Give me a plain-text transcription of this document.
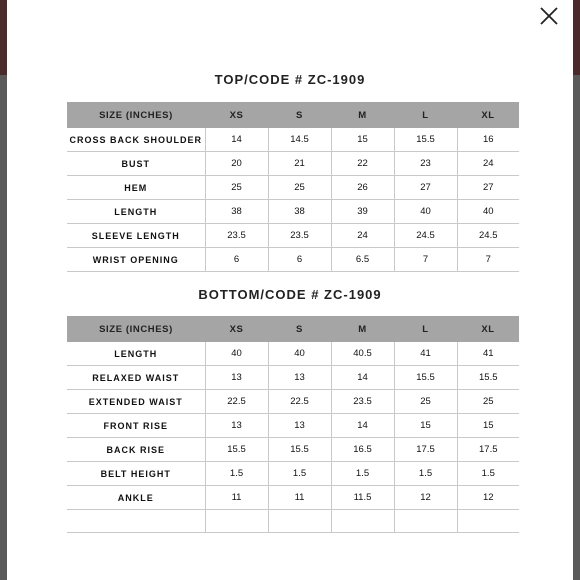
TOP/CODE # ZC-1909
SIZE (INCHES)	XS	S	M	L	XL
CROSS BACK SHOULDER	14	14.5	15	15.5	16
BUST	20	21	22	23	24
HEM	25	25	26	27	27
LENGTH	38	38	39	40	40
SLEEVE LENGTH	23.5	23.5	24	24.5	24.5
WRIST OPENING	6	6	6.5	7	7
BOTTOM/CODE # ZC-1909
SIZE (INCHES)	XS	S	M	L	XL
LENGTH	40	40	40.5	41	41
RELAXED WAIST	13	13	14	15.5	15.5
EXTENDED WAIST	22.5	22.5	23.5	25	25
FRONT RISE	13	13	14	15	15
BACK RISE	15.5	15.5	16.5	17.5	17.5
BELT HEIGHT	1.5	1.5	1.5	1.5	1.5
ANKLE	11	11	11.5	12	12
